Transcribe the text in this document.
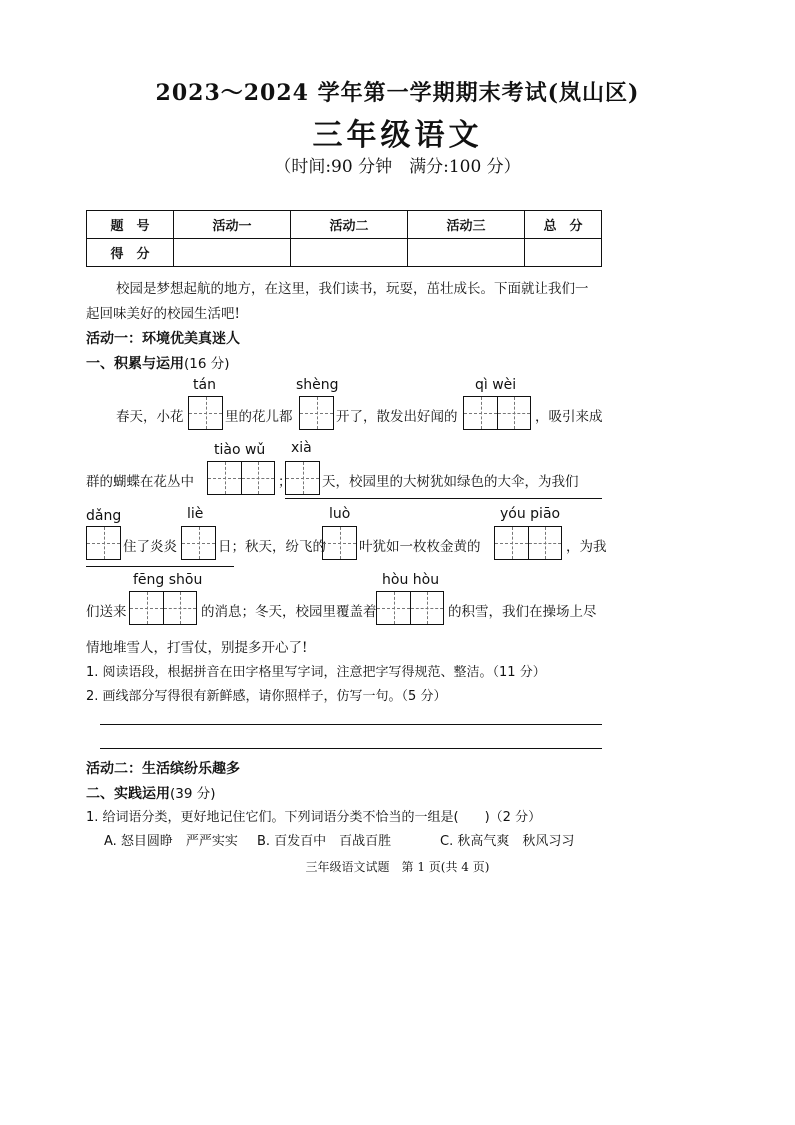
2023～2024 学年第一学期期末考试(岚山区)
三年级语文
（时间:90 分钟　满分:100 分）
题　号	活动一	活动二	活动三	总　分
得　分				
校园是梦想起航的地方，在这里，我们读书，玩耍，茁壮成长。下面就让我们一
起回味美好的校园生活吧!
活动一：环境优美真迷人
一、积累与运用(16 分)
tán	shèng	qì wèi
春天，小花	里的花儿都	开了，散发出好闻的	，吸引来成
tiào wǔ xià
群的蝴蝶在花丛中	； 天，校园里的大树犹如绿色的大伞，为我们
dǎng	liè	luò	yóu piāo
住了炎炎	日；秋天，纷飞的 叶犹如一枚枚金黄的	，为我
fēng shōu	hòu hòu
们送来	的消息；冬天，校园里覆盖着	的积雪，我们在操场上尽
情地堆雪人，打雪仗，别提多开心了!
1. 阅读语段，根据拼音在田字格里写字词，注意把字写得规范、整洁。（11 分）
2. 画线部分写得很有新鲜感，请你照样子，仿写一句。（5 分）
活动二：生活缤纷乐趣多
二、实践运用(39 分)
1. 给词语分类，更好地记住它们。下列词语分类不恰当的一组是(　　)（2 分）
A. 怒目圆睁　严严实实 B. 百发百中　百战百胜	C. 秋高气爽　秋风习习
三年级语文试题　第 1 页(共 4 页)
